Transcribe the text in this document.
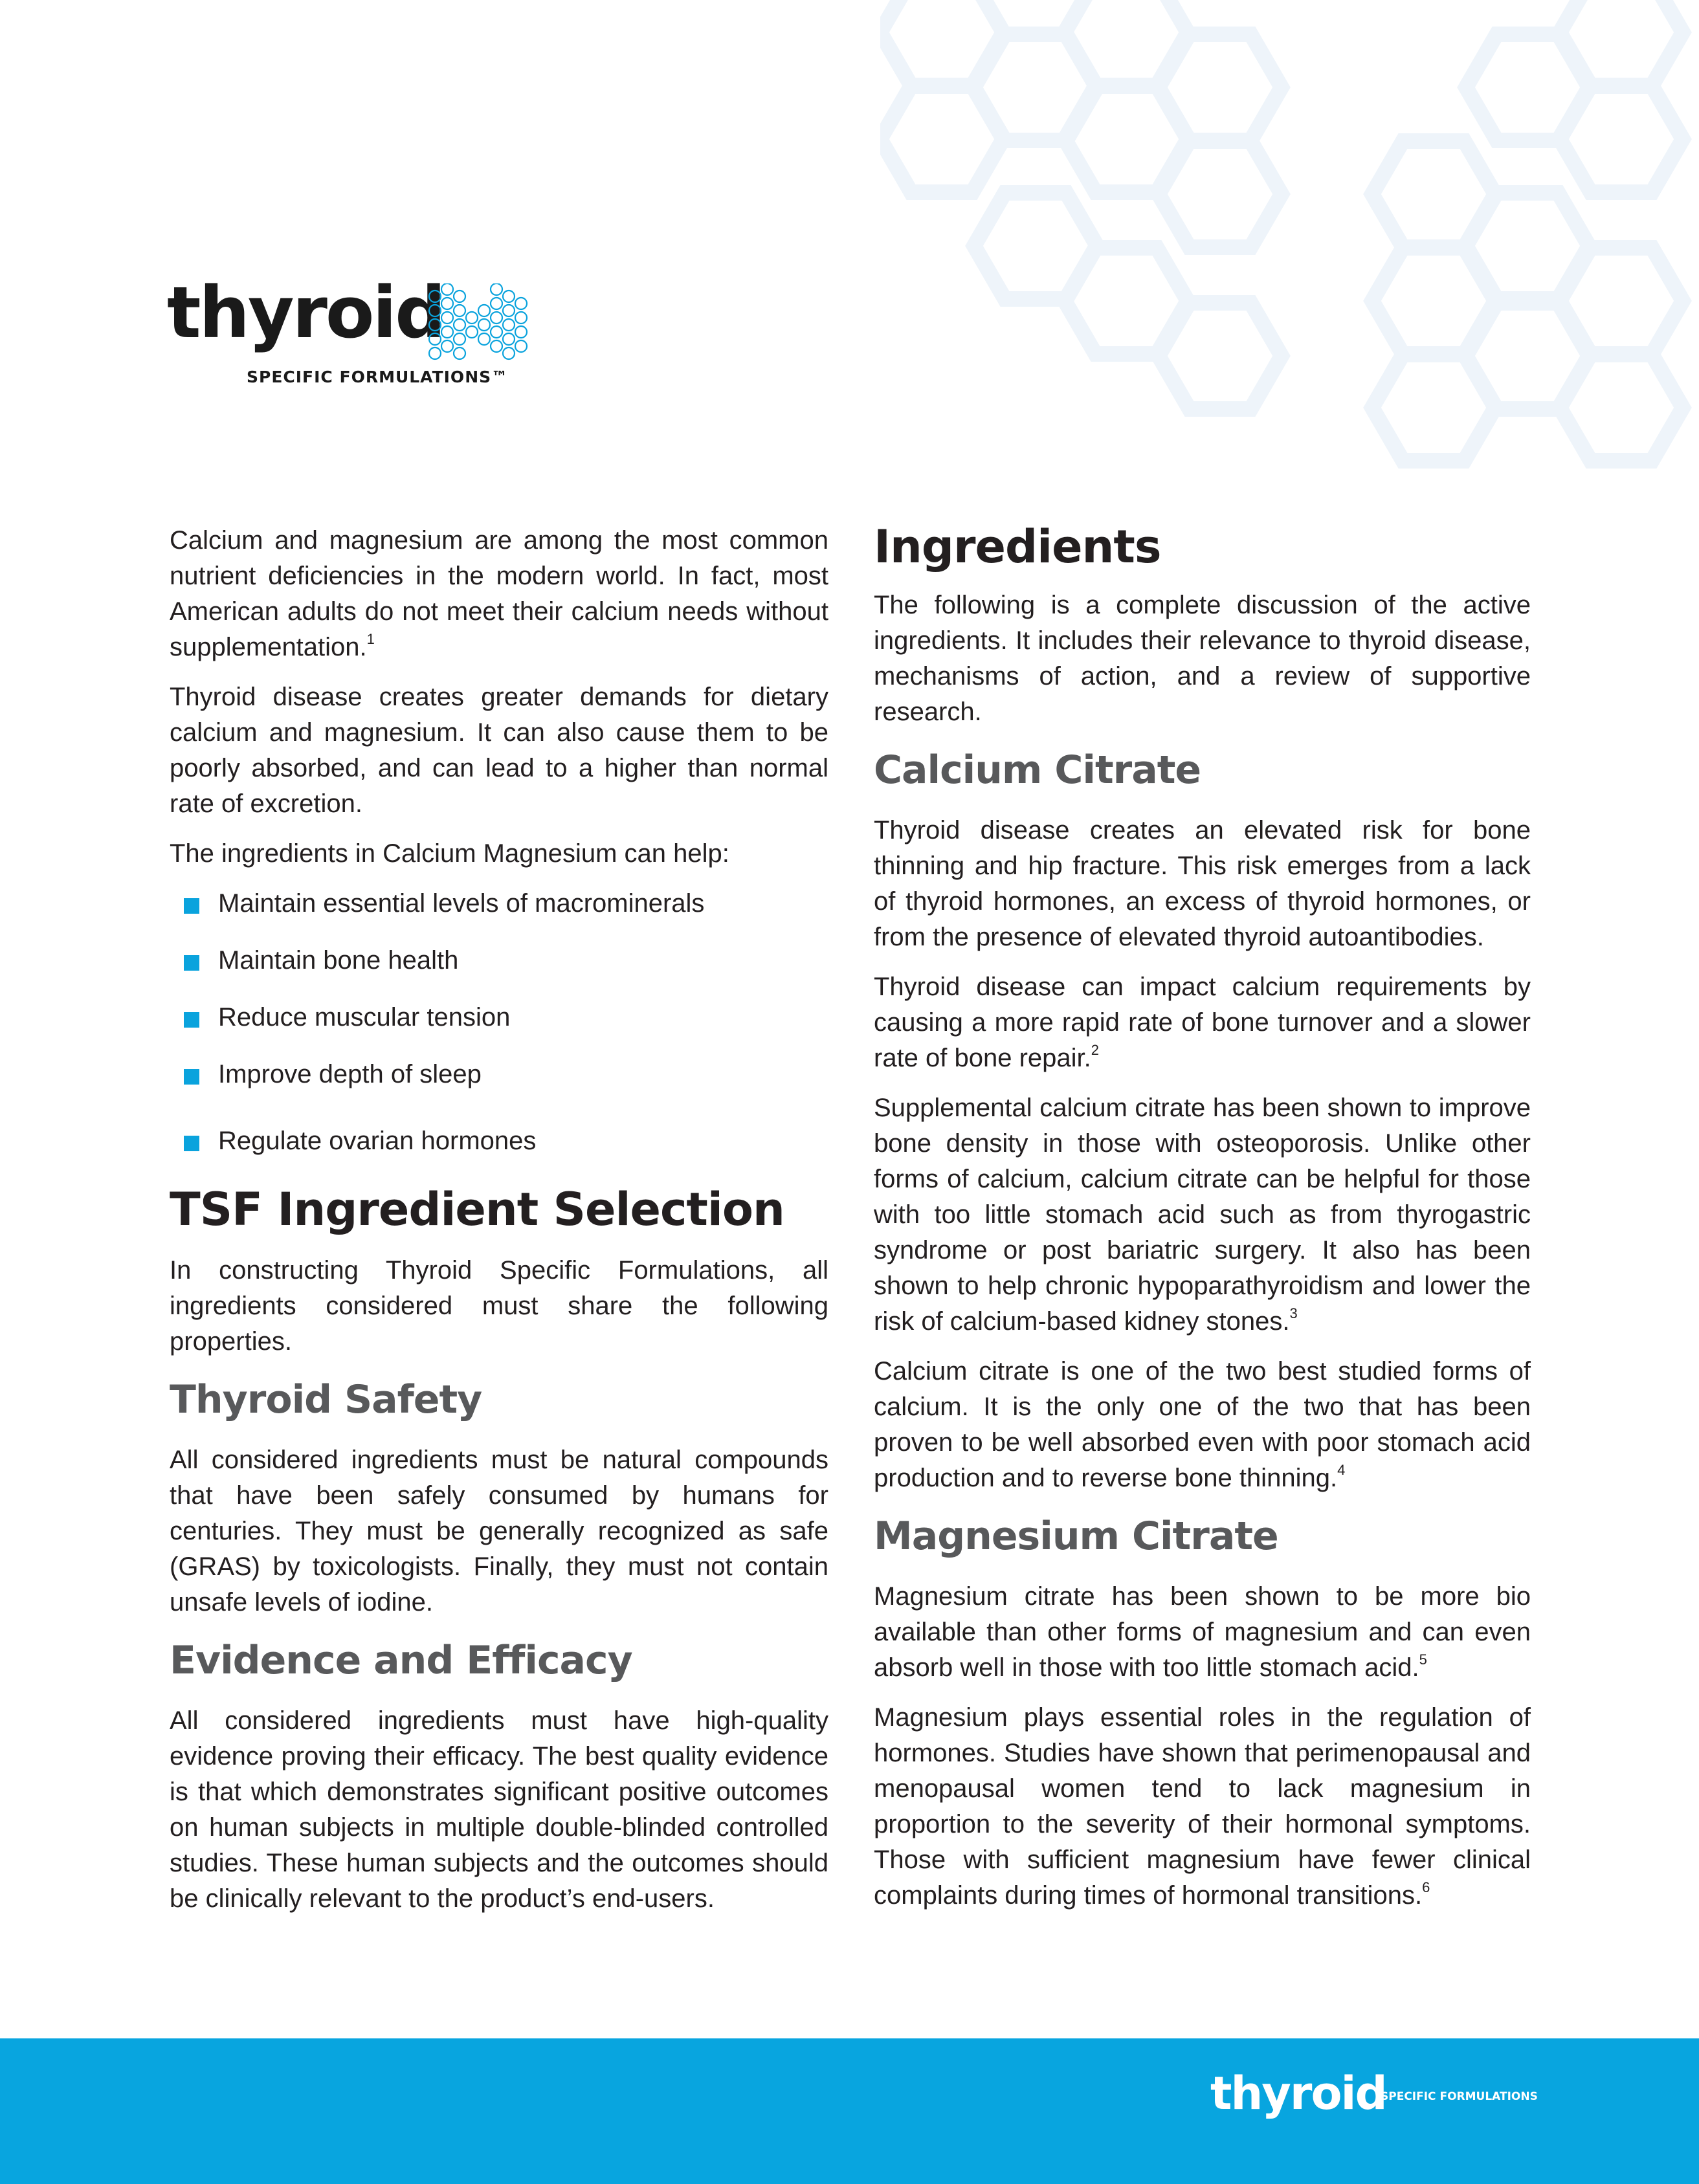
thyroid
SPECIFIC FORMULATIONS™

Calcium and magnesium are among the most common nutrient deficiencies in the modern world. In fact, most American adults do not meet their calcium needs without supplementation.$^1$

Thyroid disease creates greater demands for dietary calcium and magnesium. It can also cause them to be poorly absorbed, and can lead to a higher than normal rate of excretion.

The ingredients in Calcium Magnesium can help:

Maintain essential levels of macrominerals
Maintain bone health
Reduce muscular tension
Improve depth of sleep
Regulate ovarian hormones
TSF Ingredient Selection

In constructing Thyroid Specific Formulations, all ingredients considered must share the following properties.

Thyroid Safety

All considered ingredients must be natural compounds that have been safely consumed by humans for centuries. They must be generally recognized as safe (GRAS) by toxicologists. Finally, they must not contain unsafe levels of iodine.

Evidence and Efficacy

All considered ingredients must have high-quality evidence proving their efficacy. The best quality evidence is that which demonstrates significant positive outcomes on human subjects in multiple double-blinded controlled studies. These human subjects and the outcomes should be clinically relevant to the product’s end-users.

Ingredients

The following is a complete discussion of the active ingredients. It includes their relevance to thyroid disease, mechanisms of action, and a review of supportive research.

Calcium Citrate

Thyroid disease creates an elevated risk for bone thinning and hip fracture. This risk emerges from a lack of thyroid hormones, an excess of thyroid hormones, or from the presence of elevated thyroid autoantibodies.

Thyroid disease can impact calcium requirements by causing a more rapid rate of bone turnover and a slower rate of bone repair.$^2$

Supplemental calcium citrate has been shown to improve bone density in those with osteoporosis. Unlike other forms of calcium, calcium citrate can be helpful for those with too little stomach acid such as from thyrogastric syndrome or post bariatric surgery. It also has been shown to help chronic hypoparathyroidism and lower the risk of calcium-based kidney stones.$^3$

Calcium citrate is one of the two best studied forms of calcium. It is the only one of the two that has been proven to be well absorbed even with poor stomach acid production and to reverse bone thinning.$^4$

Magnesium Citrate

Magnesium citrate has been shown to be more bio available than other forms of magnesium and can even absorb well in those with too little stomach acid.$^5$

Magnesium plays essential roles in the regulation of hormones. Studies have shown that perimenopausal and menopausal women tend to lack magnesium in proportion to the severity of their hormonal symptoms. Those with sufficient magnesium have fewer clinical complaints during times of hormonal transitions.$^6$

thyroid
SPECIFIC FORMULATIONS
